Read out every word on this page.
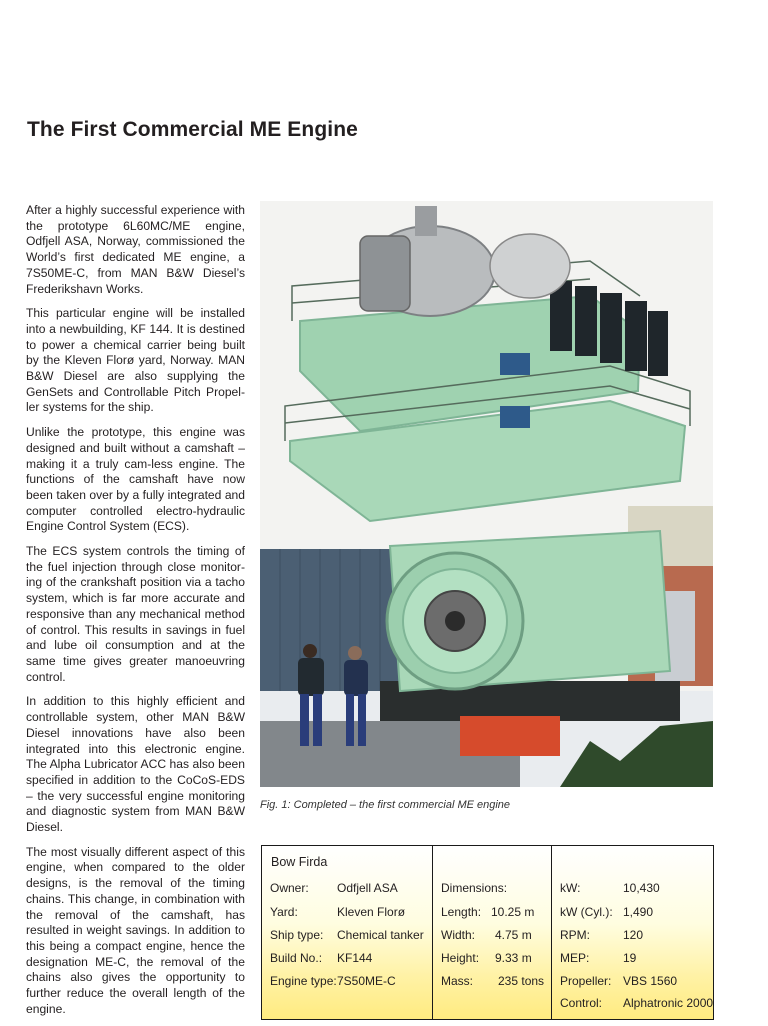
The First Commercial ME Engine

After a highly successful experience with the prototype 6L60MC/ME engine, Odfjell ASA, Norway, commissioned the World’s first dedicated ME engine, a 7S50ME-C, from MAN B&W Diesel’s Frederikshavn Works.

This particular engine will be installed into a newbuilding, KF 144. It is destined to power a chemical carrier being built by the Kleven Florø yard, Norway. MAN B&W Diesel are also supplying the GenSets and Controllable Pitch Propeller systems for the ship.

Unlike the prototype, this engine was designed and built without a camshaft – making it a truly cam-less engine. The functions of the camshaft have now been taken over by a fully integrated and computer controlled electro-hydraulic Engine Control System (ECS).

The ECS system controls the timing of the fuel injection through close monitoring of the crankshaft position via a tacho system, which is far more accurate and responsive than any mechanical method of control. This results in savings in fuel and lube oil consumption and at the same time gives greater manoeuvring control.

In addition to this highly efficient and controllable system, other MAN B&W Diesel innovations have also been integrated into this electronic engine. The Alpha Lubricator ACC has also been specified in addition to the CoCoS-EDS – the very successful engine monitoring and diagnostic system from MAN B&W Diesel.

The most visually different aspect of this engine, when compared to the older designs, is the removal of the timing chains. This change, in combination with the removal of the camshaft, has resulted in weight savings. In addition to this being a compact engine, hence the designation ME-C, the removal of the chains also gives the opportunity to further reduce the overall length of the engine.

Fig. 1: Completed – the first commercial ME engine
Bow Firda
Owner: Odfjell ASA
Yard:	Kleven Florø
Ship type: Chemical tanker
Build No.: KF144
Engine type: 7S50ME-C
Dimensions:
Length: 10.25 m
Width: 4.75 m
Height: 9.33 m
Mass: 235 tons
kW:	10,430
kW (Cyl.): 1,490
RPM:	120
MEP:	19
Propeller: VBS 1560
Control: Alphatronic 2000
